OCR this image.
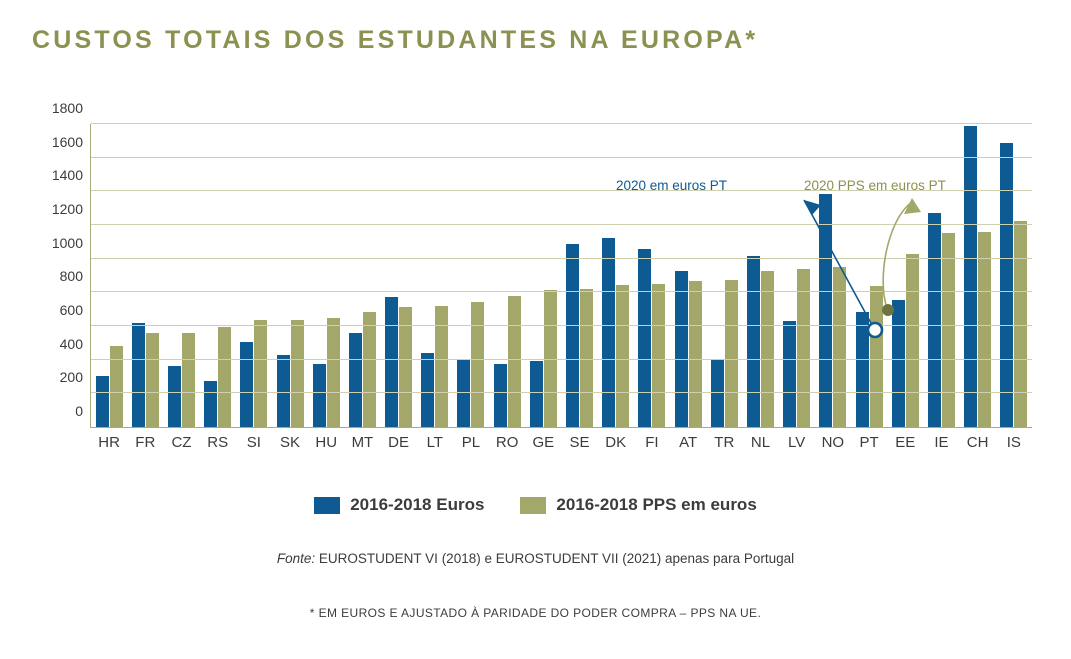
CUSTOS TOTAIS DOS ESTUDANTES NA EUROPA*
HR	FR	CZ	RS	SI	SK	HU MT DE	LT	PL	RO GE	SE	DK	FI	AT	TR	NL	LV	NO	PT	EE	IE	CH	IS
0
200
400
600
800
1000
1200
1400
1600
1800
2020 em euros PT	2020 PPS em euros PT
2016-2018 Euros	2016-2018 PPS em euros
Fonte: EUROSTUDENT VI (2018) e EUROSTUDENT VII (2021) apenas para Portugal
* EM EUROS E AJUSTADO À PARIDADE DO PODER COMPRA – PPS NA UE.
